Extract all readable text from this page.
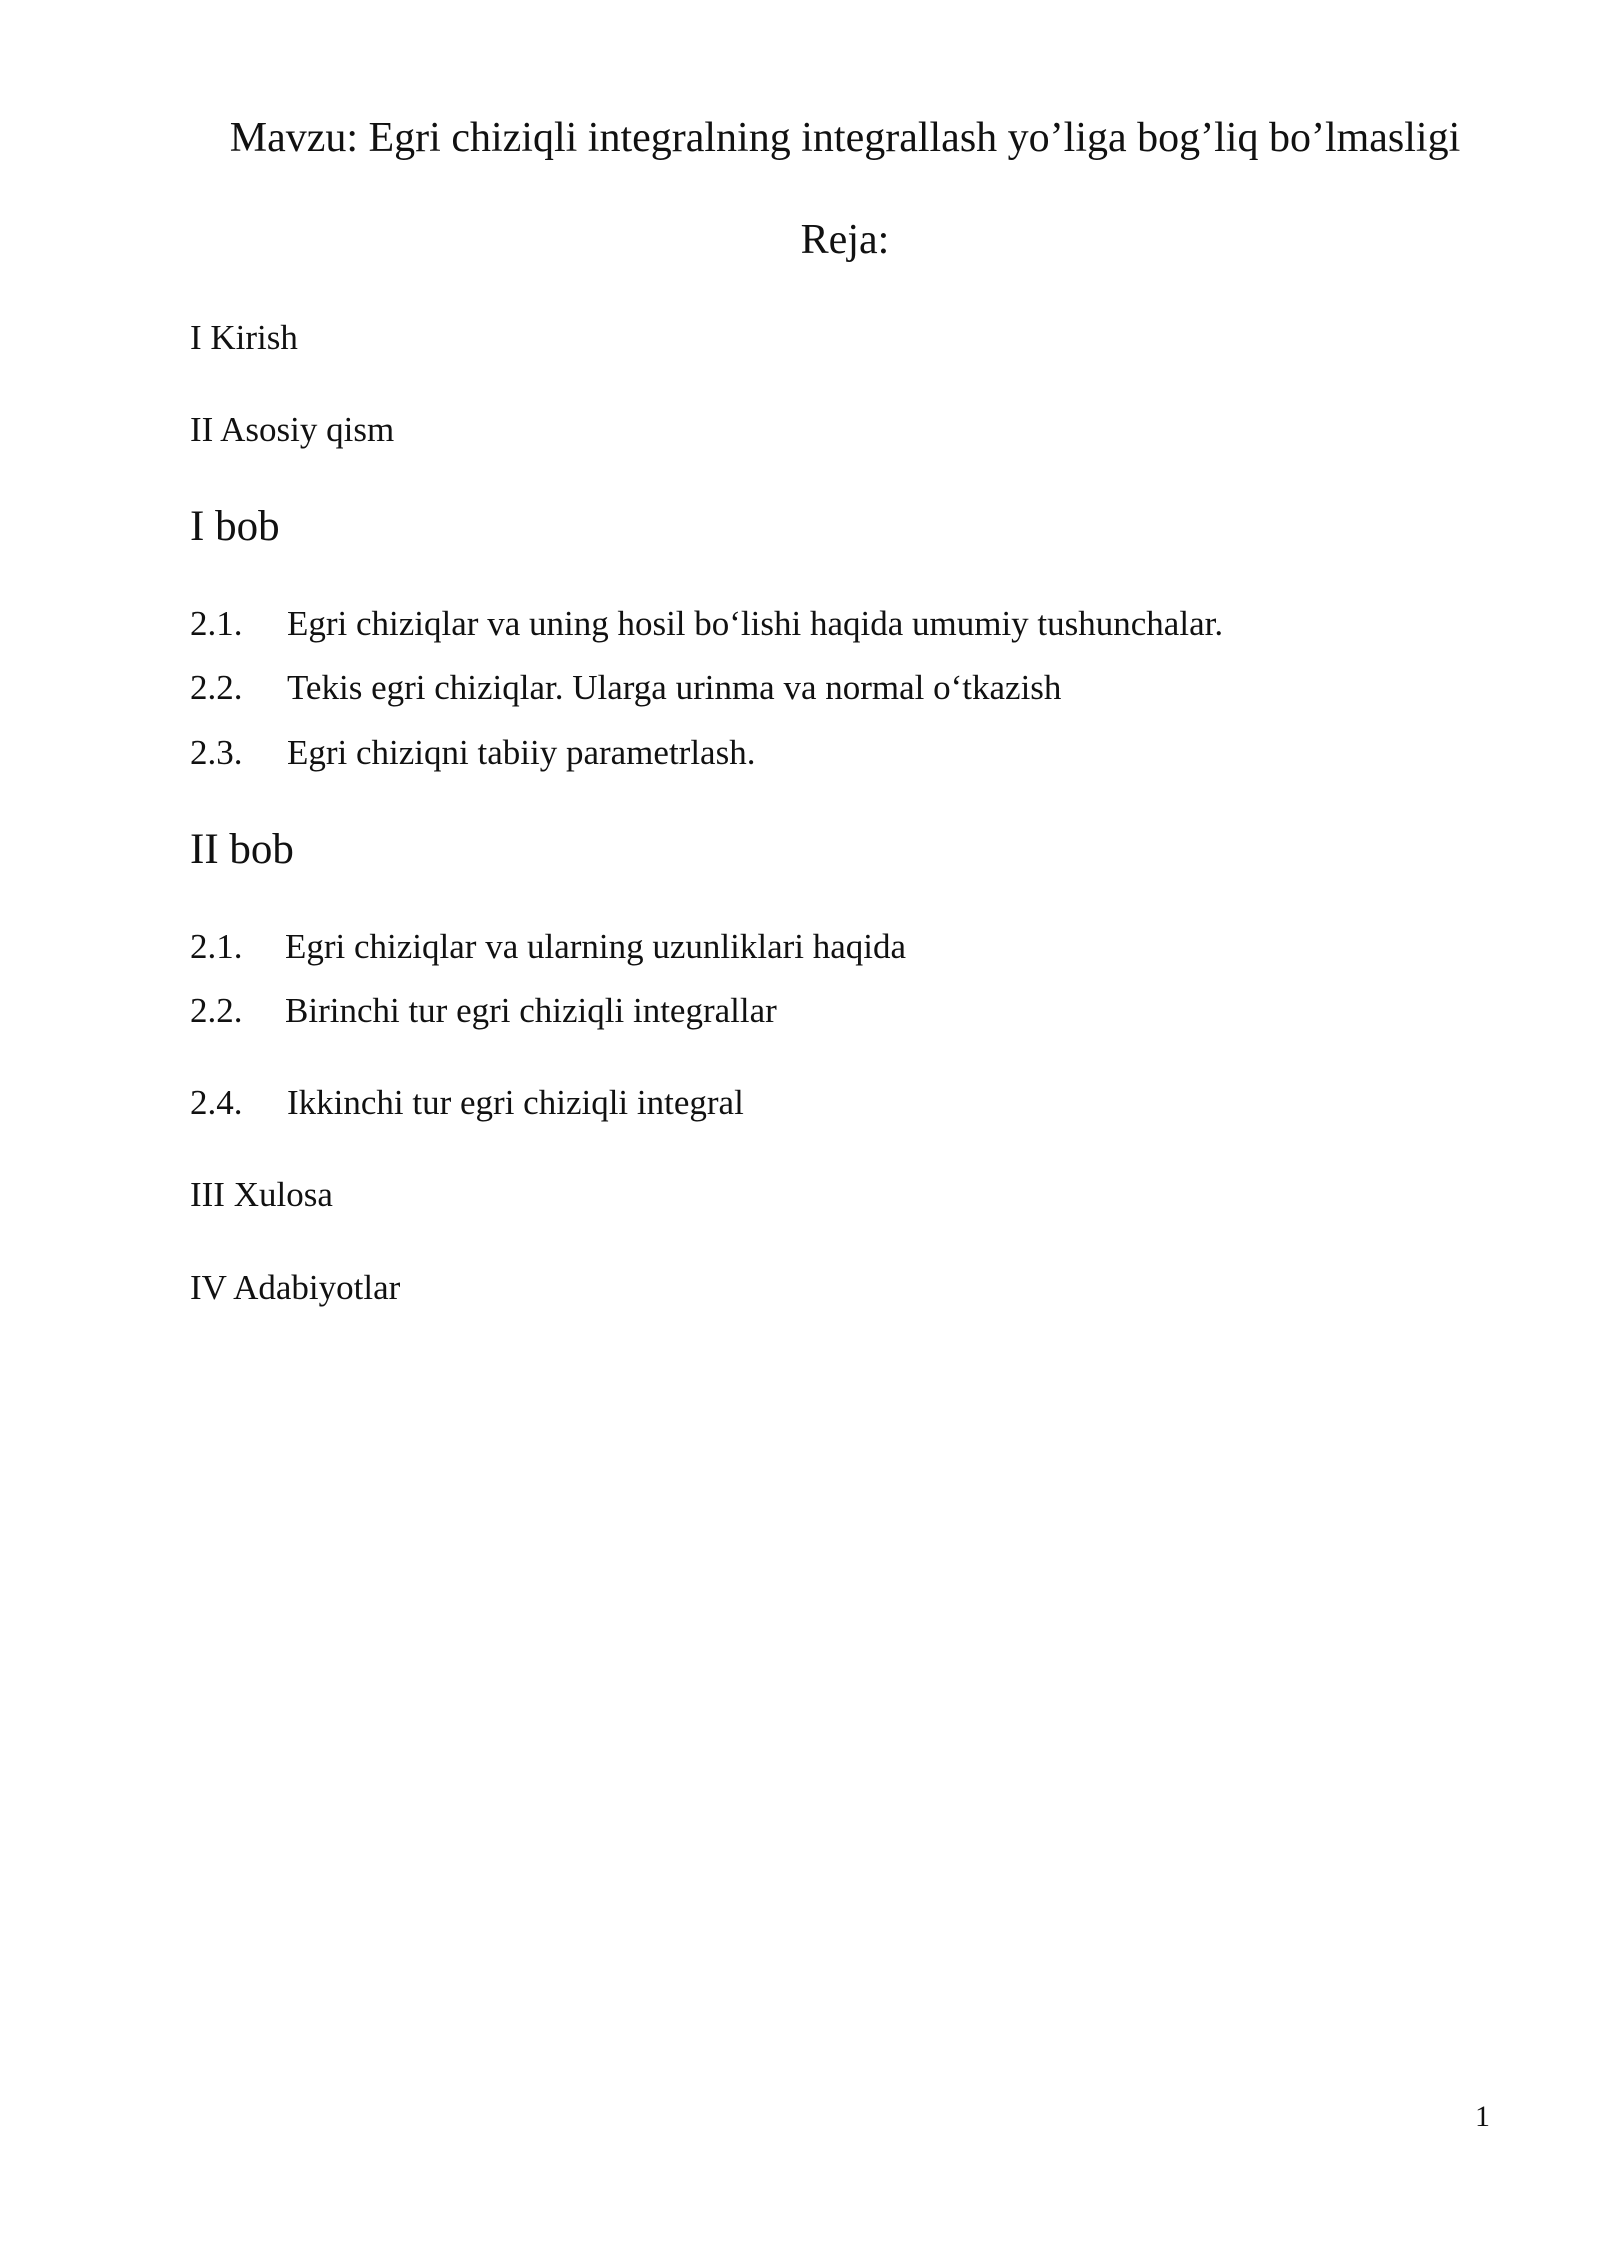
Mavzu: Egri chiziqli integralning integrallash yo’liga bog’liq bo’lmasligi
Reja:
I Kirish
II Asosiy qism
I bob
2.1. Egri chiziqlar va uning hosil boʻlishi haqida umumiy tushunchalar.
2.2. Tekis egri chiziqlar. Ularga urinma va normal oʻtkazish
2.3. Egri chiziqni tabiiy parametrlash.
II bob
2.1. Egri chiziqlar va ularning uzunliklari haqida
2.2. Birinchi tur egri chiziqli integrallar
2.4. Ikkinchi tur egri chiziqli integral
III Xulosa
IV Adabiyotlar
1
